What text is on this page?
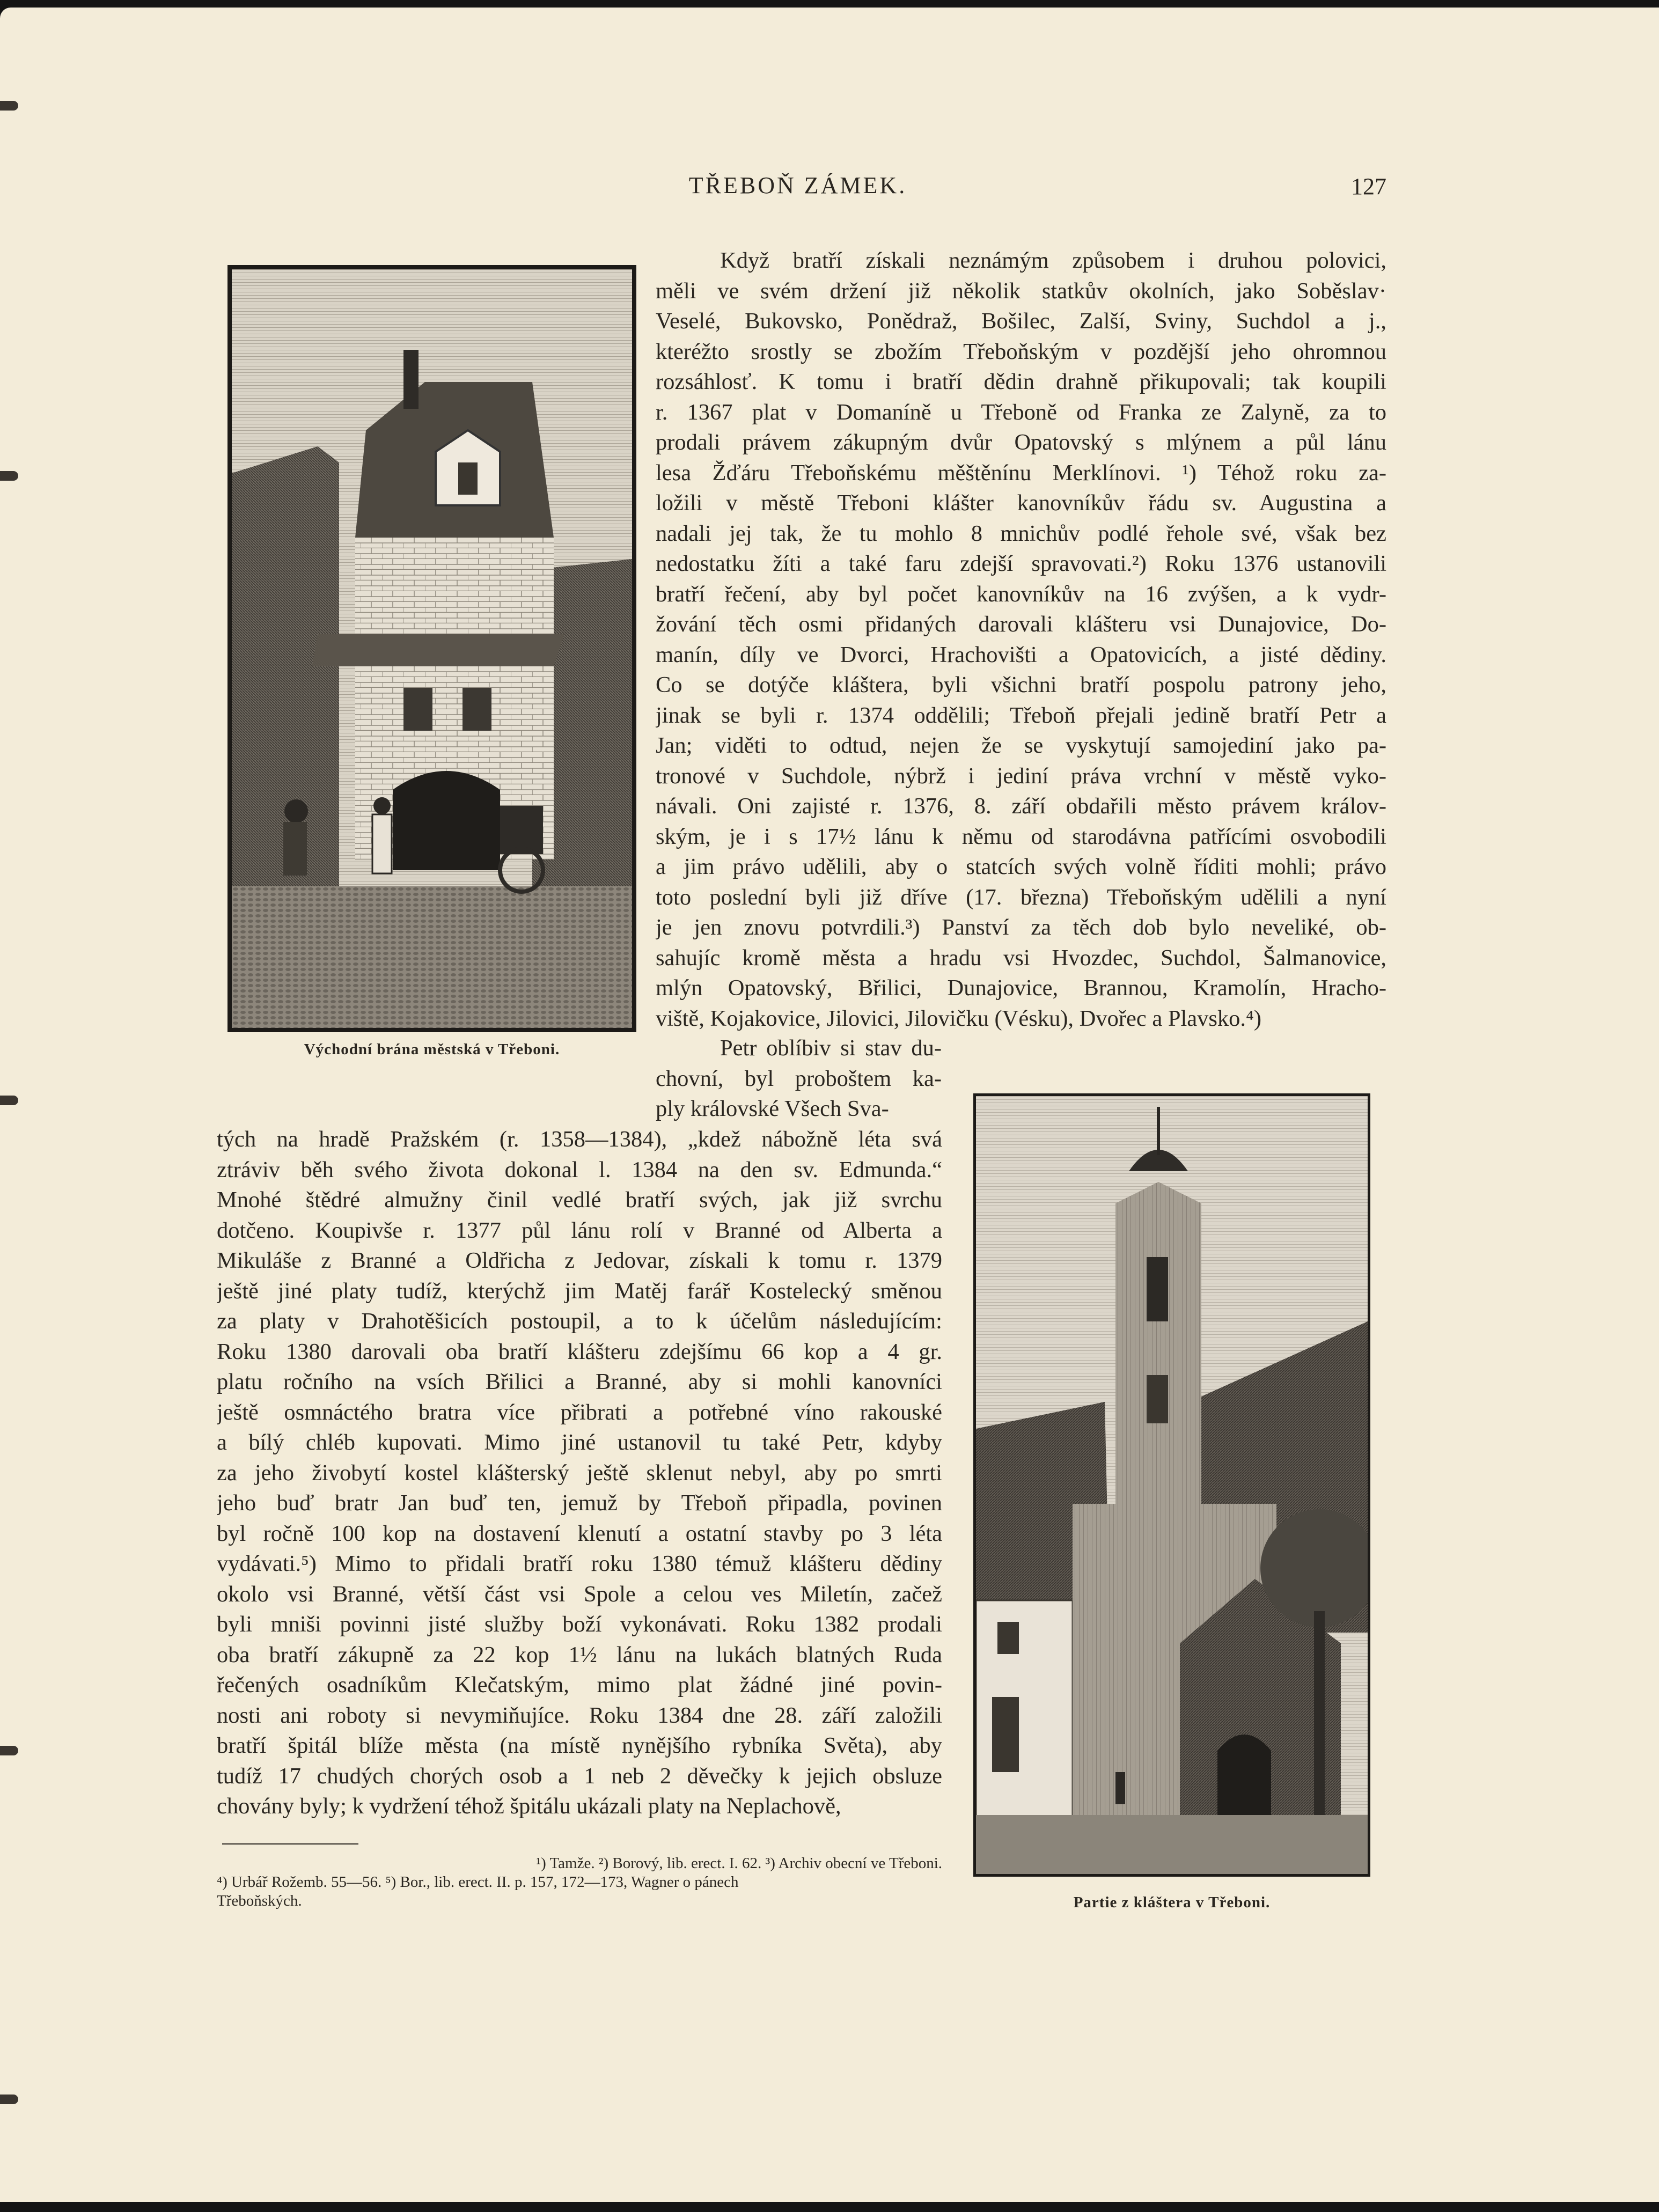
TŘEBOŇ ZÁMEK.	127
Východní brána městská v Třeboni.
Partie z kláštera v Třeboni.
Když bratří získali neznámým způsobem i druhou polovici,
měli ve svém držení již několik statkův okolních, jako Soběslav·
Veselé, Bukovsko, Ponědraž, Bošilec, Zalší, Sviny, Suchdol a j.,
kteréžto srostly se zbožím Třeboňským v pozdější jeho ohromnou
rozsáhlosť. K tomu i bratří dědin drahně přikupovali; tak koupili
r. 1367 plat v Domaníně u Třeboně od Franka ze Zalyně, za to
prodali právem zákupným dvůr Opatovský s mlýnem a půl lánu
lesa Žďáru Třeboňskému měštěnínu Merklínovi. ¹) Téhož roku za-
ložili v městě Třeboni klášter kanovníkův řádu sv. Augustina a
nadali jej tak, že tu mohlo 8 mnichův podlé řehole své, však bez
nedostatku žíti a také faru zdejší spravovati.²) Roku 1376 ustanovili
bratří řečení, aby byl počet kanovníkův na 16 zvýšen, a k vydr-
žování těch osmi přidaných darovali klášteru vsi Dunajovice, Do-
manín, díly ve Dvorci, Hrachovišti a Opatovicích, a jisté dědiny.
Co se dotýče kláštera, byli všichni bratří pospolu patrony jeho,
jinak se byli r. 1374 oddělili; Třeboň přejali jedině bratří Petr a
Jan; viděti to odtud, nejen že se vyskytují samojediní jako pa-
tronové v Suchdole, nýbrž i jediní práva vrchní v městě vyko-
návali. Oni zajisté r. 1376, 8. září obdařili město právem králov-
ským, je i s 17½ lánu k němu od starodávna patřícími osvobodili
a jim právo udělili, aby o statcích svých volně říditi mohli; právo
toto poslední byli již dříve (17. března) Třeboňským udělili a nyní
je jen znovu potvrdili.³) Panství za těch dob bylo nevelіké, ob-
sahujíc kromě města a hradu vsi Hvozdec, Suchdol, Šalmanovice,
mlýn Opatovský, Břilici, Dunajovice, Brannou, Kramolín, Hracho-
viště, Kojakovice, Jilovici, Jilovičku (Vésku), Dvořec a Plavsko.⁴)
Petr oblíbiv si stav du-
chovní, byl proboštem ka-
ply královské Všech Sva-
tých na hradě Pražském (r. 1358—1384), „kdež nábožně léta svá
ztráviv běh svého života dokonal l. 1384 na den sv. Edmunda.“
Mnohé štědré almužny činil vedlé bratří svých, jak již svrchu
dotčeno. Koupivše r. 1377 půl lánu rolí v Branné od Alberta a
Mikuláše z Branné a Oldřicha z Jedovar, získali k tomu r. 1379
ještě jiné platy tudíž, kterýchž jim Matěj farář Kostelecký směnou
za platy v Drahotěšicích postoupil, a to k účelům následujícím:
Roku 1380 darovali oba bratří klášteru zdejšímu 66 kop a 4 gr.
platu ročního na vsích Břilici a Branné, aby si mohli kanovníci
ještě osmnáctého bratra více přibrati a potřebné víno rakouské
a bílý chléb kupovati. Mimo jiné ustanovil tu také Petr, kdyby
za jeho živobytí kostel klášterský ještě sklenut nebyl, aby po smrti
jeho buď bratr Jan buď ten, jemuž by Třeboň připadla, povinen
byl ročně 100 kop na dostavení klenutí a ostatní stavby po 3 léta
vydávati.⁵) Mimo to přidali bratří roku 1380 témuž klášteru dědiny
okolo vsi Branné, větší část vsi Spole a celou ves Miletín, začež
byli mniši povinni jisté služby boží vykonávati. Roku 1382 prodali
oba bratří zákupně za 22 kop 1½ lánu na lukách blatných Ruda
řečených osadníkům Klečatským, mimo plat žádné jiné povin-
nosti ani roboty si nevymiňujíce. Roku 1384 dne 28. září založili
bratří špitál blíže města (na místě nynějšího rybníka Světa), aby
tudíž 17 chudých chorých osob a 1 neb 2 děvečky k jejich obsluze
chovány byly; k vydržení téhož špitálu ukázali platy na Neplachově,
¹) Tamže. ²) Borový, lib. erect. I. 62. ³) Archiv obecní ve Třeboni.
⁴) Urbář Rožemb. 55—56. ⁵) Bor., lib. erect. II. p. 157, 172—173, Wagner o pánech
Třeboňských.
